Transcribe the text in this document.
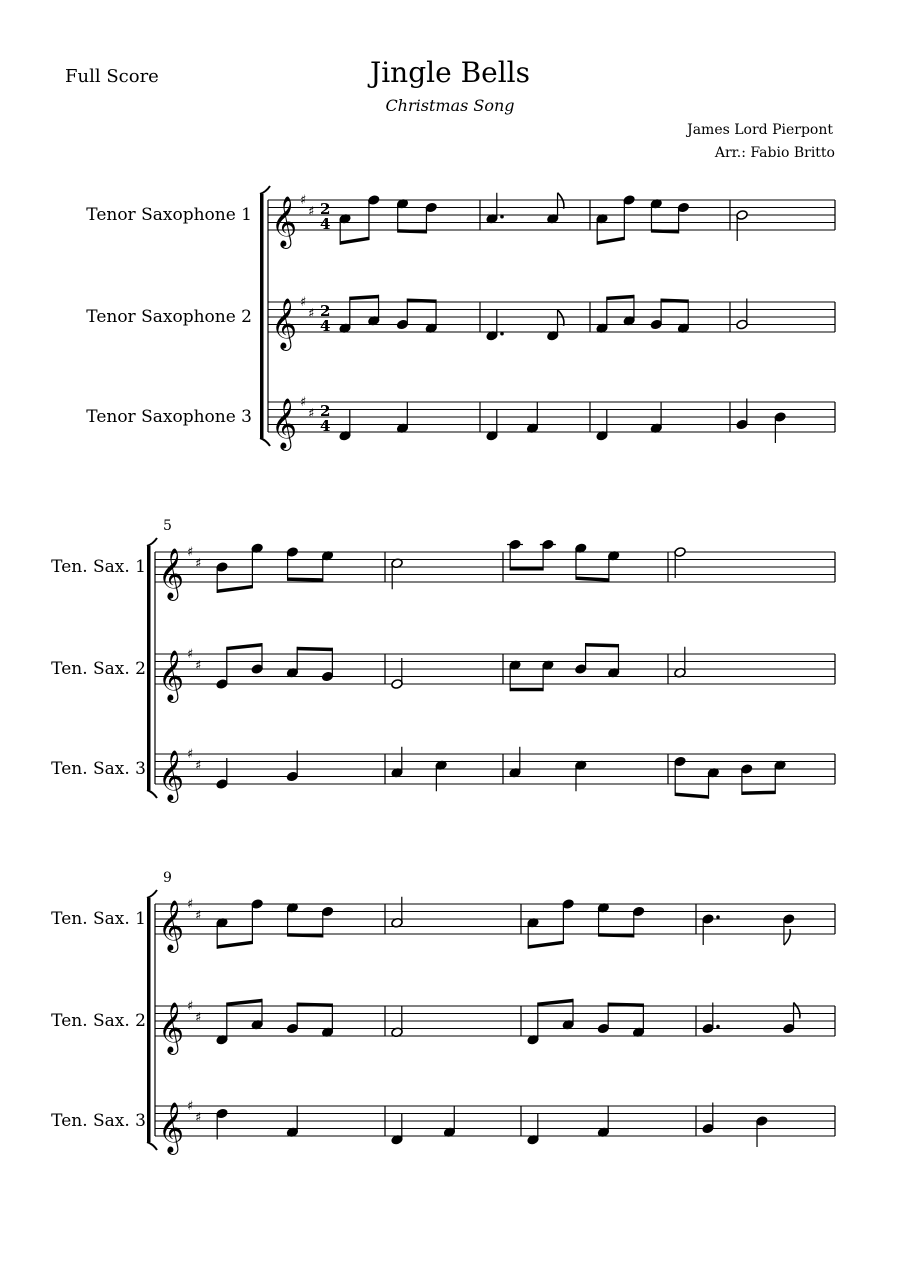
Full Score	Jingle Bells
Christmas Song
James Lord Pierpont
Arr.: Fabio Britto
Tenor Saxophone 1
Tenor Saxophone 2
Tenor Saxophone 3
5
Ten. Sax. 1
Ten. Sax. 2
Ten. Sax. 3
9
Ten. Sax. 1
Ten. Sax. 2
Ten. Sax. 3
𝄞 ♯
♯ 2
4
𝄞 ♯
♯ 2
4
𝄞 ♯
♯ 2
4
𝄞 ♯
♯
𝄞 ♯
♯
𝄞 ♯
♯
𝄞 ♯
♯
𝄞 ♯
♯
𝄞 ♯
♯
